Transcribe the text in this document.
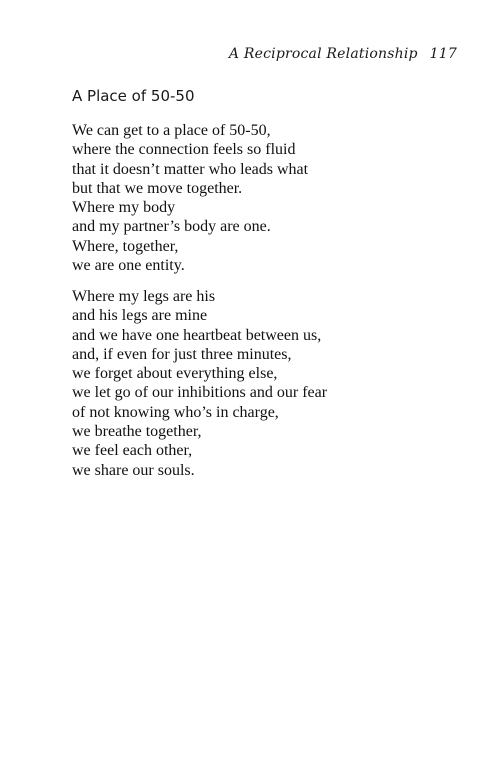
A Reciprocal Relationship 117
A Place of 50-50
We can get to a place of 50-50,
where the connection feels so fluid
that it doesn’t matter who leads what
but that we move together.
Where my body
and my partner’s body are one.
Where, together,
we are one entity.
Where my legs are his
and his legs are mine
and we have one heartbeat between us,
and, if even for just three minutes,
we forget about everything else,
we let go of our inhibitions and our fear
of not knowing who’s in charge,
we breathe together,
we feel each other,
we share our souls.
